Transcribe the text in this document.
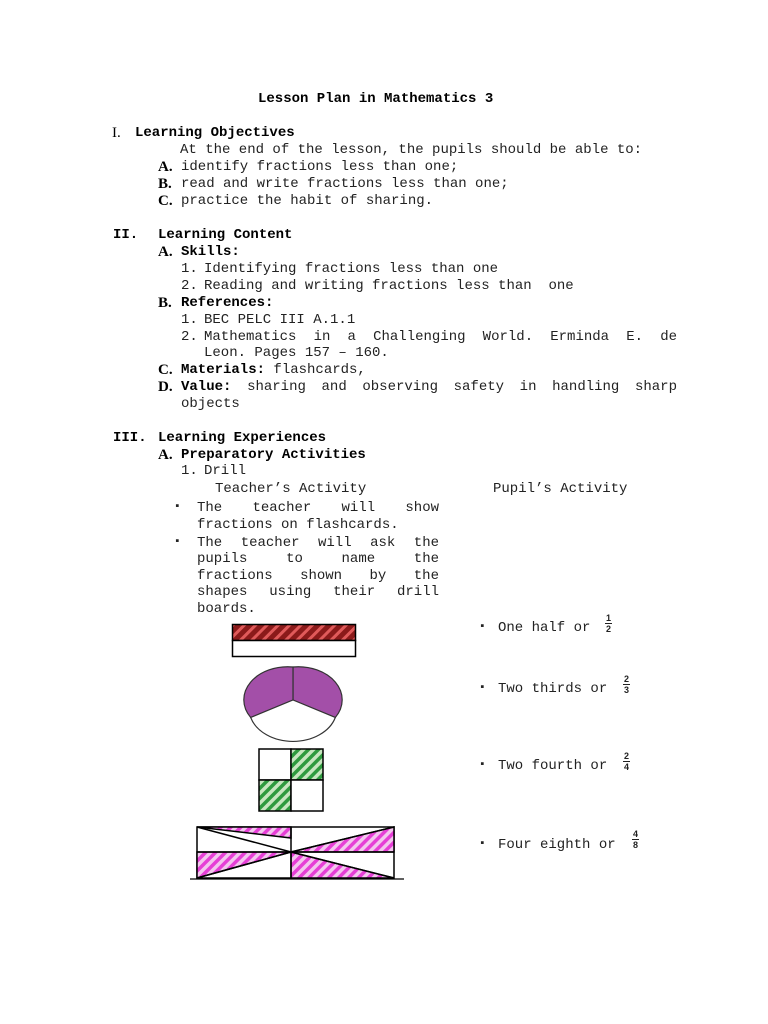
Lesson Plan in Mathematics 3
I. Learning Objectives
At the end of the lesson, the pupils should be able to:
A. identify fractions less than one;
B. read and write fractions less than one;
C. practice the habit of sharing.
II. Learning Content
A. Skills:
1. Identifying fractions less than one
2. Reading and writing fractions less than  one
B. References:
1. BEC PELC III A.1.1
2. Mathematics in a Challenging World. Erminda E. de
Leon. Pages 157 – 160.
C. Materials: flashcards,
D. Value: sharing and observing safety in handling sharp
objects
III. Learning Experiences
A. Preparatory Activities
1. Drill
Teacher’s Activity	Pupil’s Activity
▪ The teacher will show
fractions on flashcards.
▪ The teacher will ask the
pupils to name the
fractions shown by the
shapes using their drill
boards.
▪ One half or
1
2
▪ Two thirds or
2
3
▪ Two fourth or
2
4
▪ Four eighth or
4
8
